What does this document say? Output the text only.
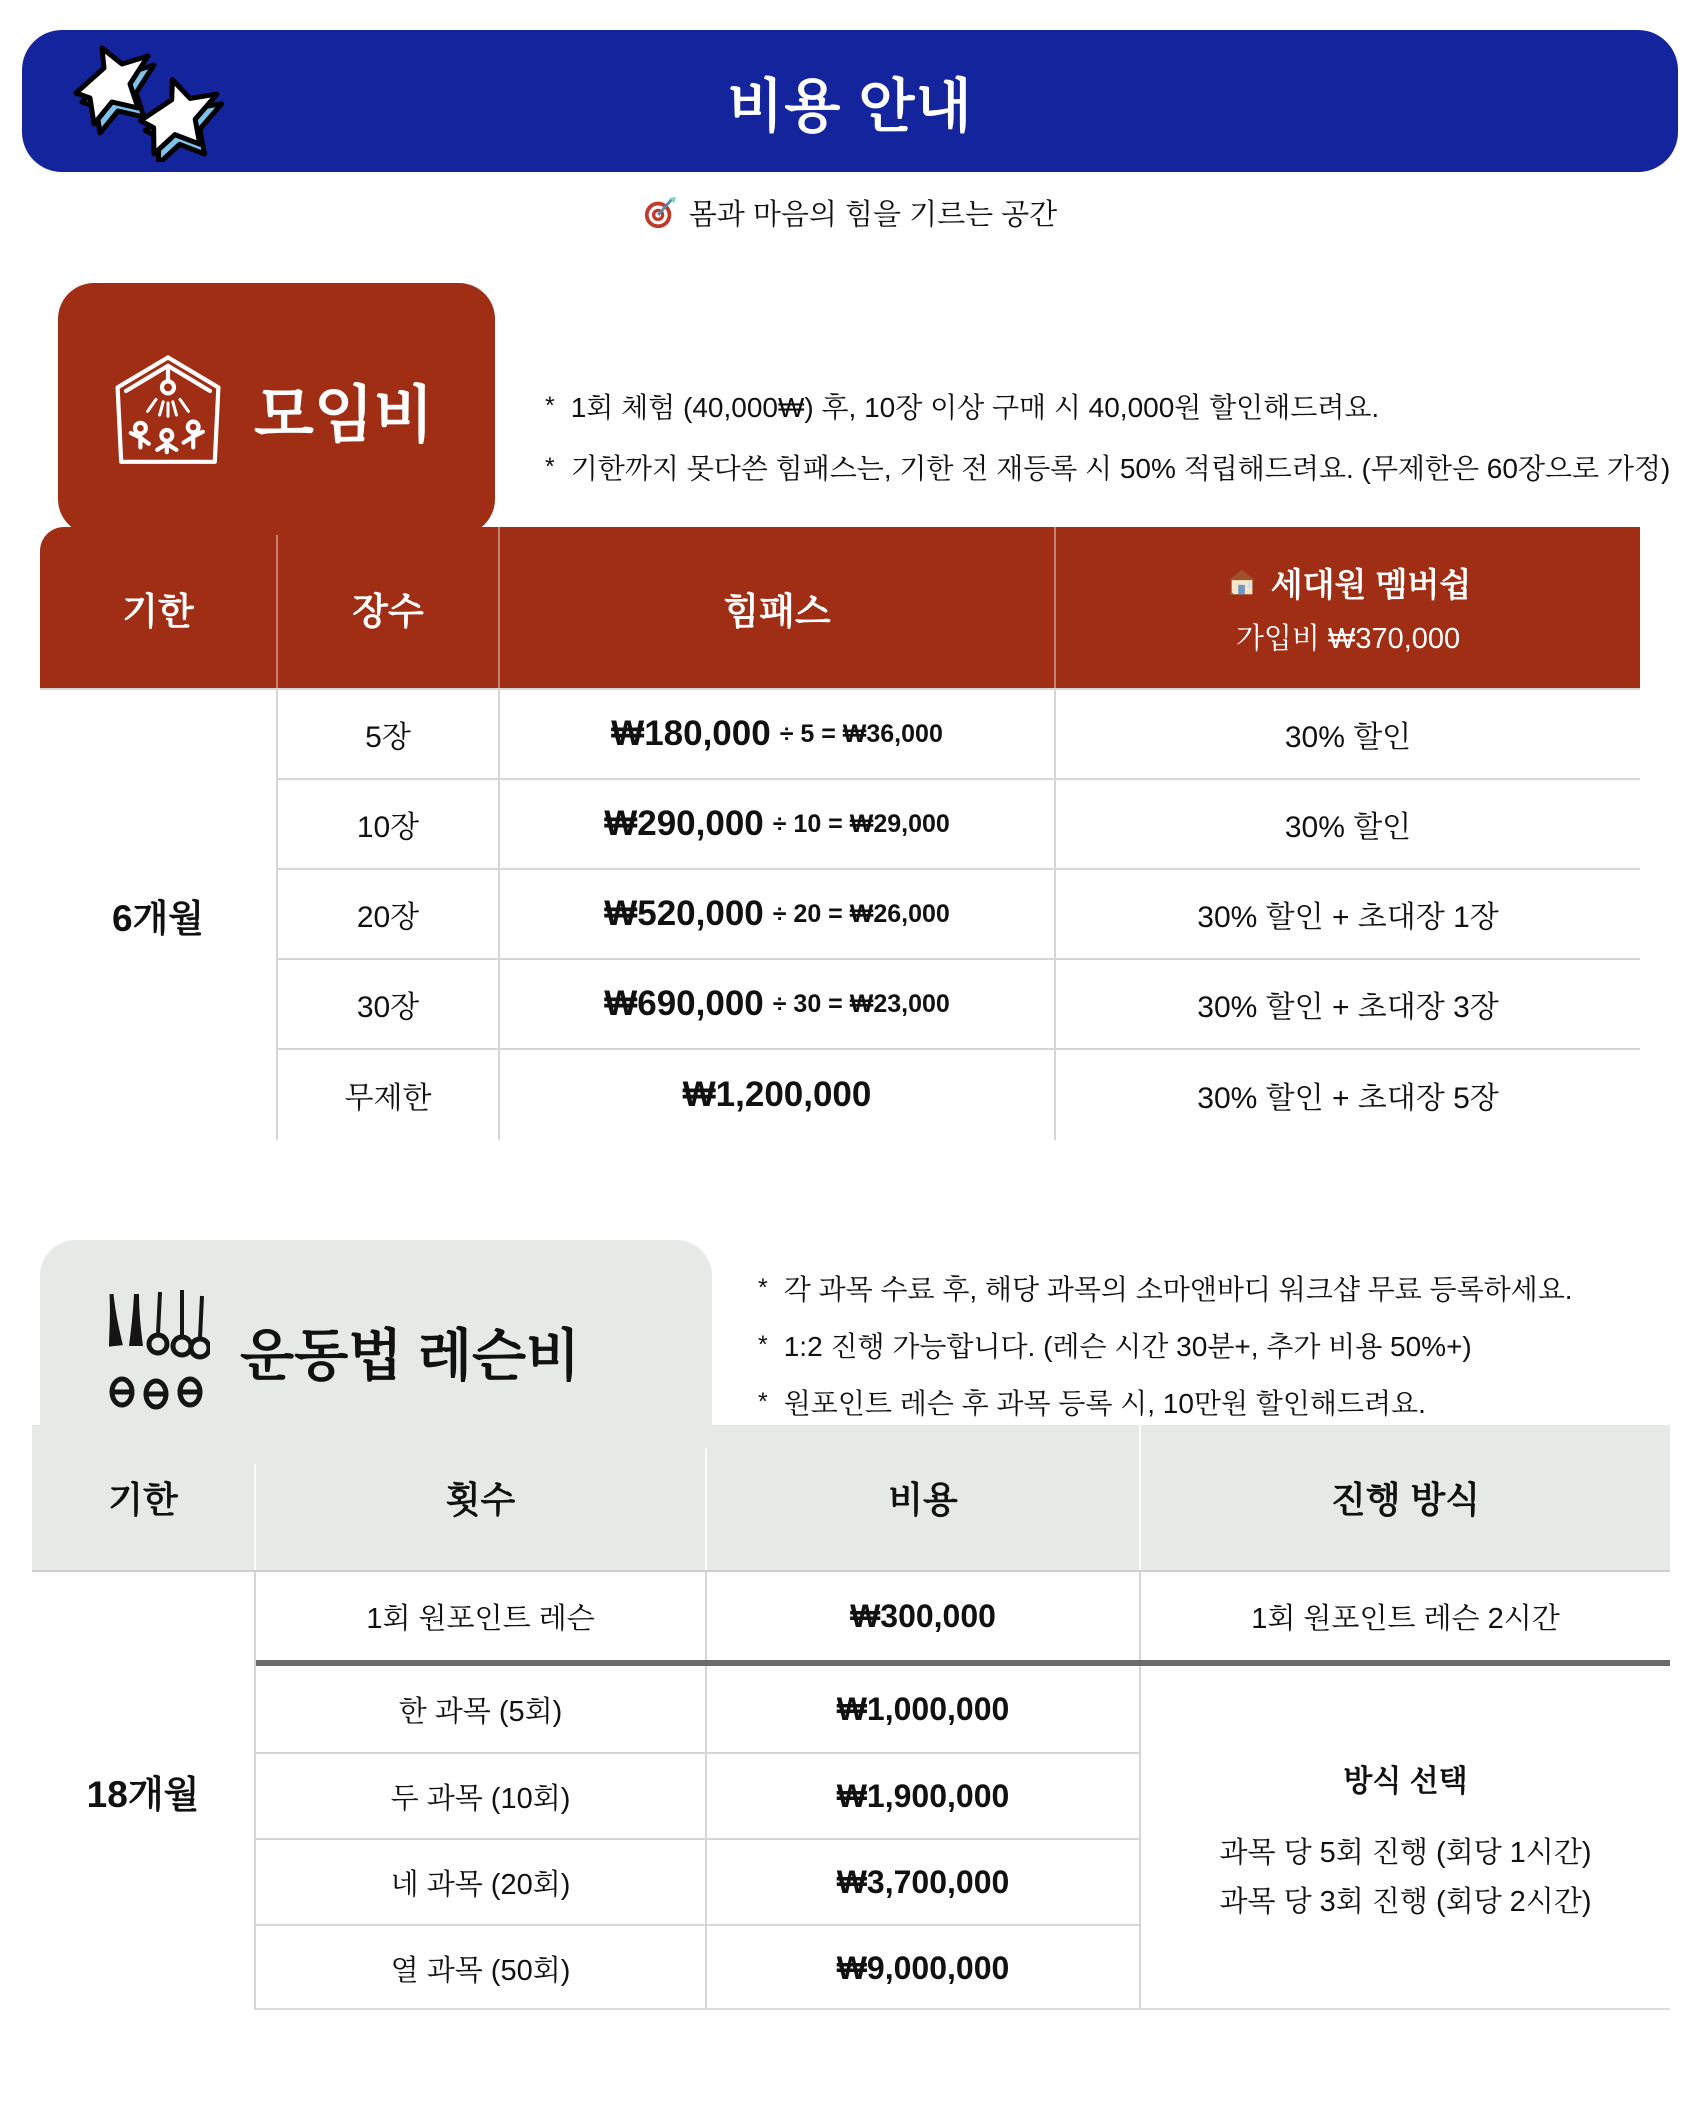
비용 안내
몸과 마음의 힘을 기르는 공간
모임비	* 1회 체험 (40,000₩) 후, 10장 이상 구매 시 40,000원 할인해드려요.
* 기한까지 못다쓴 힘패스는, 기한 전 재등록 시 50% 적립해드려요. (무제한은 60장으로 가정)
기한	장수	힘패스
세대원 멤버쉽
가입비 ₩370,000
6개월
5장	₩180,000 ÷ 5 = ₩36,000	30% 할인
10장	₩290,000 ÷ 10 = ₩29,000	30% 할인
20장	₩520,000 ÷ 20 = ₩26,000	30% 할인 + 초대장 1장
30장	₩690,000 ÷ 30 = ₩23,000	30% 할인 + 초대장 3장
무제한	₩1,200,000	30% 할인 + 초대장 5장
운동법 레슨비
* 각 과목 수료 후, 해당 과목의 소마앤바디 워크샵 무료 등록하세요.
* 1:2 진행 가능합니다. (레슨 시간 30분+, 추가 비용 50%+)
* 원포인트 레슨 후 과목 등록 시, 10만원 할인해드려요.
기한	횟수	비용	진행 방식
18개월
1회 원포인트 레슨	₩300,000	1회 원포인트 레슨 2시간
한 과목 (5회)	₩1,000,000
방식 선택
과목 당 5회 진행 (회당 1시간)
과목 당 3회 진행 (회당 2시간)
두 과목 (10회)	₩1,900,000
네 과목 (20회)	₩3,700,000
열 과목 (50회)	₩9,000,000
